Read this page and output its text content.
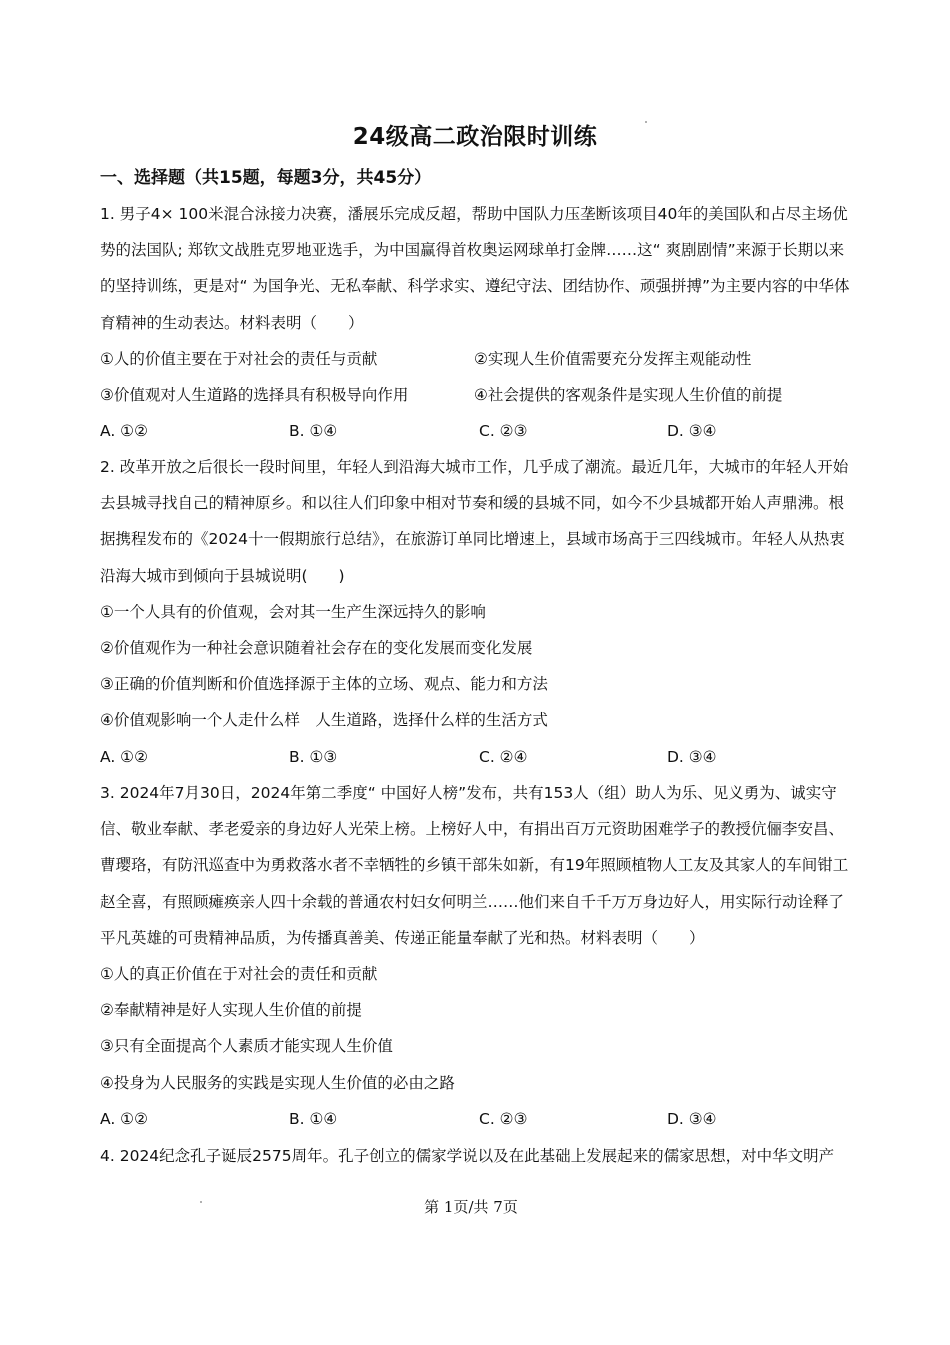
24级高二政治限时训练
一、选择题（共15题，每题3分，共45分）

1. 男子4× 100米混合泳接力决赛，潘展乐完成反超，帮助中国队力压垄断该项目40年的美国队和占尽主场优势的法国队; 郑钦文战胜克罗地亚选手，为中国赢得首枚奥运网球单打金牌……这“ 爽剧剧情”来源于长期以来的坚持训练，更是对“ 为国争光、无私奉献、科学求实、遵纪守法、团结协作、顽强拼搏”为主要内容的中华体育精神的生动表达。材料表明（　　）

①人的价值主要在于对社会的责任与贡献	②实现人生价值需要充分发挥主观能动性
③价值观对人生道路的选择具有积极导向作用	④社会提供的客观条件是实现人生价值的前提
A. ①②	B. ①④	C. ②③	D. ③④

2. 改革开放之后很长一段时间里，年轻人到沿海大城市工作，几乎成了潮流。最近几年，大城市的年轻人开始去县城寻找自己的精神原乡。和以往人们印象中相对节奏和缓的县城不同，如今不少县城都开始人声鼎沸。根据携程发布的《2024十一假期旅行总结》，在旅游订单同比增速上，县域市场高于三四线城市。年轻人从热衷沿海大城市到倾向于县城说明(　　)

①一个人具有的价值观，会对其一生产生深远持久的影响

②价值观作为一种社会意识随着社会存在的变化发展而变化发展

③正确的价值判断和价值选择源于主体的立场、观点、能力和方法

④价值观影响一个人走什么样　人生道路，选择什么样的生活方式

A. ①②	B. ①③	C. ②④	D. ③④

3. 2024年7月30日，2024年第二季度“ 中国好人榜”发布，共有153人（组）助人为乐、见义勇为、诚实守信、敬业奉献、孝老爱亲的身边好人光荣上榜。上榜好人中，有捐出百万元资助困难学子的教授伉俪李安昌、曹璎珞，有防汛巡查中为勇救落水者不幸牺牲的乡镇干部朱如新，有19年照顾植物人工友及其家人的车间钳工赵全喜，有照顾瘫痪亲人四十余载的普通农村妇女何明兰……他们来自千千万万身边好人，用实际行动诠释了平凡英雄的可贵精神品质，为传播真善美、传递正能量奉献了光和热。材料表明（　　）

①人的真正价值在于对社会的责任和贡献

②奉献精神是好人实现人生价值的前提

③只有全面提高个人素质才能实现人生价值

④投身为人民服务的实践是实现人生价值的必由之路

A. ①②	B. ①④	C. ②③	D. ③④

4. 2024纪念孔子诞辰2575周年。孔子创立的儒家学说以及在此基础上发展起来的儒家思想，对中华文明产

第 1页/共 7页
